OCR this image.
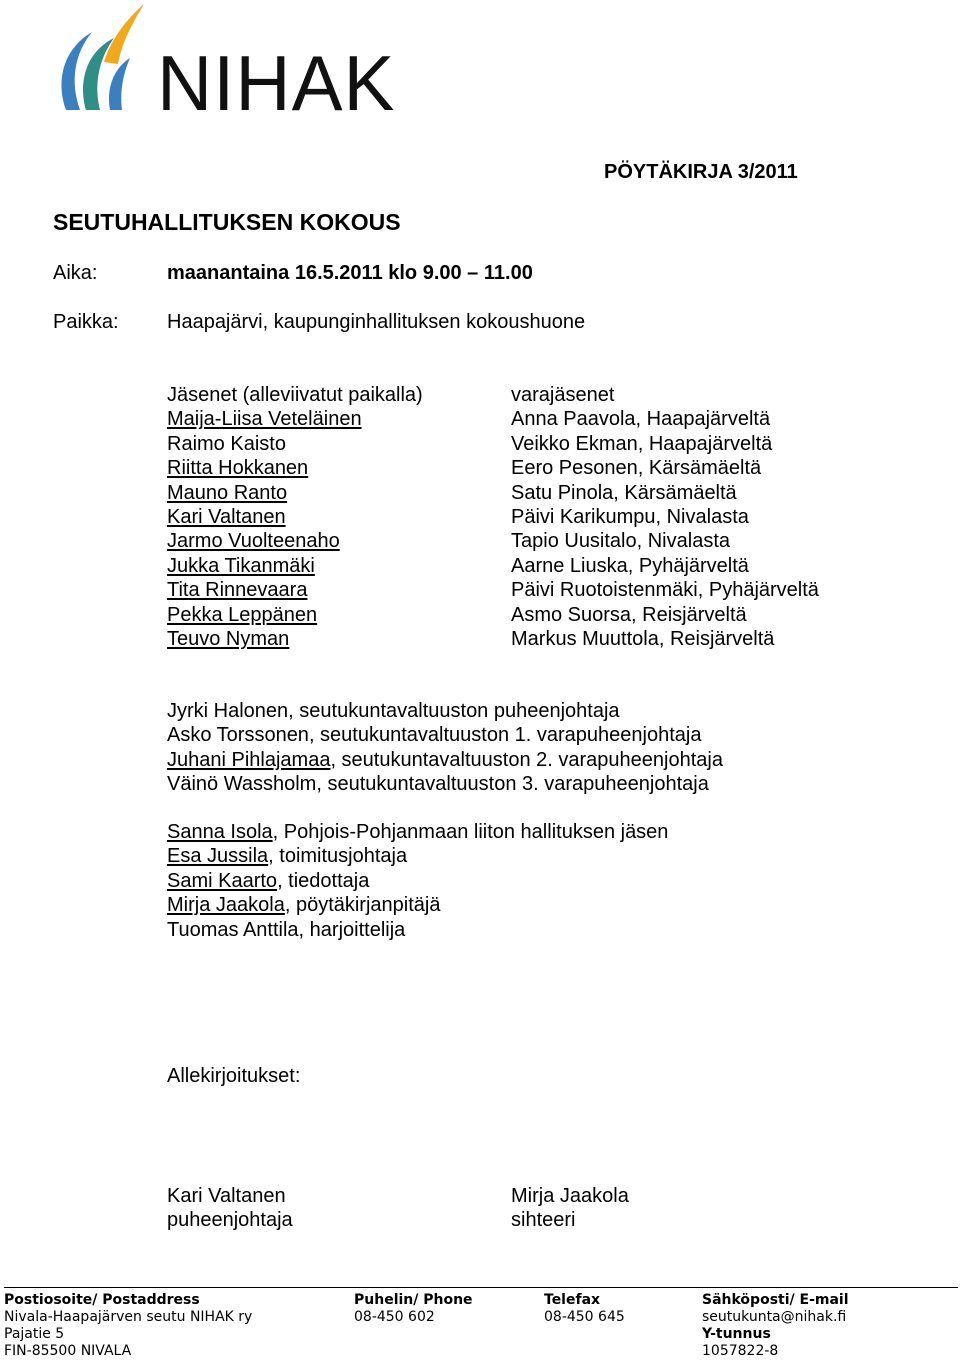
NIHAK
PÖYTÄKIRJA 3/2011
SEUTUHALLITUKSEN KOKOUS
Aika:	maanantaina 16.5.2011 klo 9.00 – 11.00
Paikka: Haapajärvi, kaupunginhallituksen kokoushuone
Jäsenet (alleviivatut paikalla)
Maija-Liisa Veteläinen
Raimo Kaisto
Riitta Hokkanen
Mauno Ranto
Kari Valtanen
Jarmo Vuolteenaho
Jukka Tikanmäki
Tita Rinnevaara
Pekka Leppänen
Teuvo Nyman
varajäsenet
Anna Paavola, Haapajärveltä
Veikko Ekman, Haapajärveltä
Eero Pesonen, Kärsämäeltä
Satu Pinola, Kärsämäeltä
Päivi Karikumpu, Nivalasta
Tapio Uusitalo, Nivalasta
Aarne Liuska, Pyhäjärveltä
Päivi Ruotoistenmäki, Pyhäjärveltä
Asmo Suorsa, Reisjärveltä
Markus Muuttola, Reisjärveltä
Jyrki Halonen, seutukuntavaltuuston puheenjohtaja
Asko Torssonen, seutukuntavaltuuston 1. varapuheenjohtaja
Juhani Pihlajamaa, seutukuntavaltuuston 2. varapuheenjohtaja
Väinö Wassholm, seutukuntavaltuuston 3. varapuheenjohtaja
Sanna Isola, Pohjois-Pohjanmaan liiton hallituksen jäsen
Esa Jussila, toimitusjohtaja
Sami Kaarto, tiedottaja
Mirja Jaakola, pöytäkirjanpitäjä
Tuomas Anttila, harjoittelija
Allekirjoitukset:
Kari Valtanen
puheenjohtaja
Mirja Jaakola
sihteeri
Postiosoite/ Postaddress
Nivala-Haapajärven seutu NIHAK ry
Pajatie 5
FIN-85500 NIVALA
Puhelin/ Phone
08-450 602
Telefax
08-450 645
Sähköposti/ E-mail
seutukunta@nihak.fi
Y-tunnus
1057822-8
